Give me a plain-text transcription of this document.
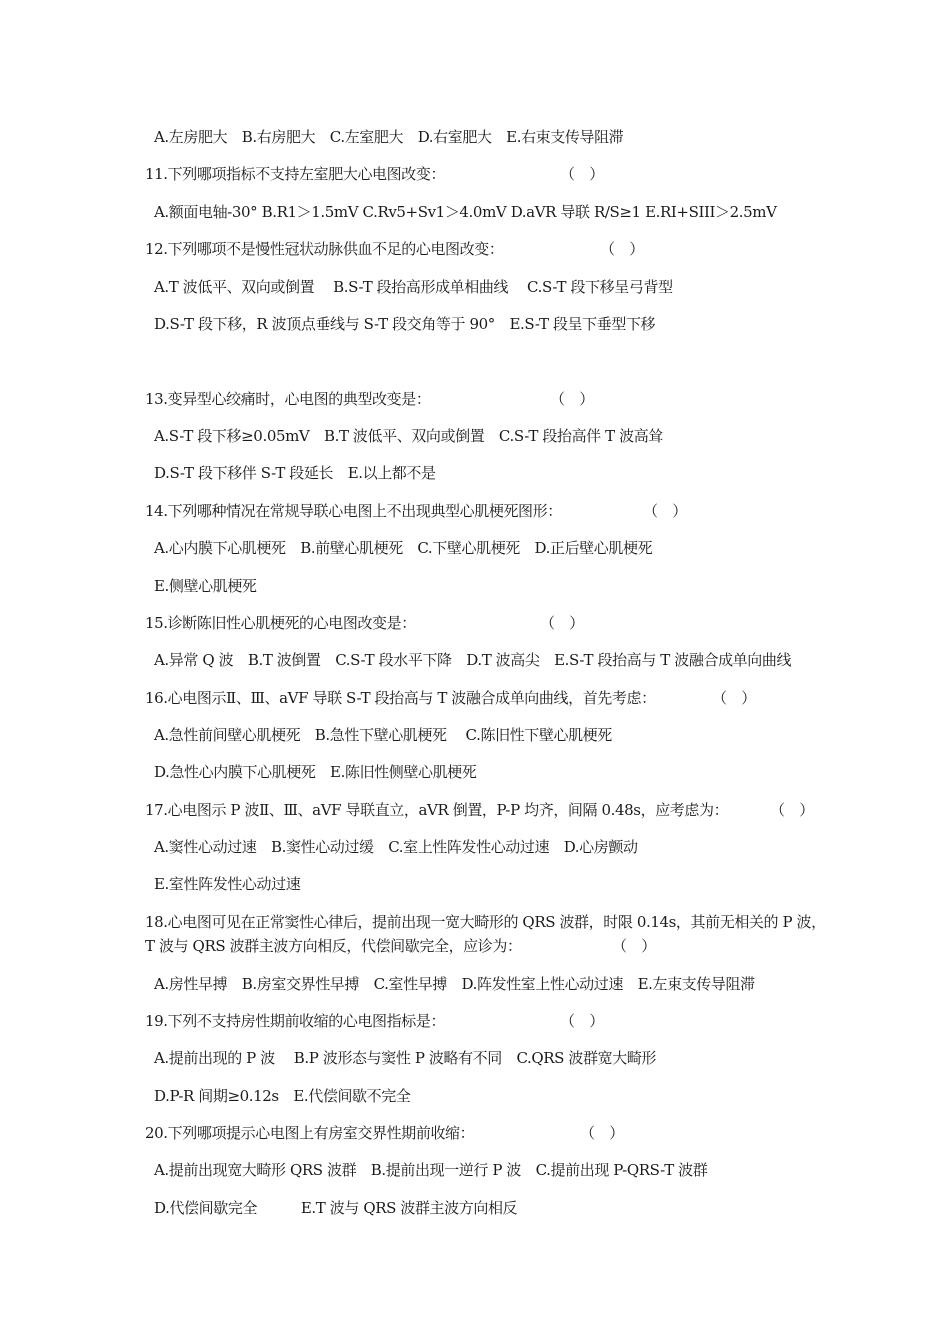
A.左房肥大　B.右房肥大　C.左室肥大　D.右室肥大　E.右束支传导阻滞
11.下列哪项指标不支持左室肥大心电图改变：	（　）
A.额面电轴-30° B.R1＞1.5mV C.Rv5+Sv1＞4.0mV D.aVR 导联 R/S≥1 E.RI+SIII＞2.5mV
12.下列哪项不是慢性冠状动脉供血不足的心电图改变：	（　）
A.T 波低平、双向或倒置　 B.S-T 段抬高形成单相曲线　 C.S-T 段下移呈弓背型
D.S-T 段下移，R 波顶点垂线与 S-T 段交角等于 90°　E.S-T 段呈下垂型下移
13.变异型心绞痛时，心电图的典型改变是：	（　）
A.S-T 段下移≥0.05mV　B.T 波低平、双向或倒置　C.S-T 段抬高伴 T 波高耸
D.S-T 段下移伴 S-T 段延长　E.以上都不是
14.下列哪种情况在常规导联心电图上不出现典型心肌梗死图形：	（　）
A.心内膜下心肌梗死　B.前壁心肌梗死　C.下壁心肌梗死　D.正后壁心肌梗死
E.侧壁心肌梗死
15.诊断陈旧性心肌梗死的心电图改变是：	（　）
A.异常 Q 波　B.T 波倒置　C.S-T 段水平下降　D.T 波高尖　E.S-T 段抬高与 T 波融合成单向曲线
16.心电图示Ⅱ、Ⅲ、aVF 导联 S-T 段抬高与 T 波融合成单向曲线，首先考虑：	（　）
A.急性前间壁心肌梗死　B.急性下壁心肌梗死　 C.陈旧性下壁心肌梗死
D.急性心内膜下心肌梗死　E.陈旧性侧壁心肌梗死
17.心电图示 P 波Ⅱ、Ⅲ、aVF 导联直立，aVR 倒置，P-P 均齐，间隔 0.48s，应考虑为：	（　）
A.窦性心动过速　B.窦性心动过缓　C.室上性阵发性心动过速　D.心房颤动
E.室性阵发性心动过速
18.心电图可见在正常窦性心律后，提前出现一宽大畸形的 QRS 波群，时限 0.14s，其前无相关的 P 波，
T 波与 QRS 波群主波方向相反，代偿间歇完全，应诊为：	（　）
A.房性早搏　B.房室交界性早搏　C.室性早搏　D.阵发性室上性心动过速　E.左束支传导阻滞
19.下列不支持房性期前收缩的心电图指标是：	（　）
A.提前出现的 P 波　 B.P 波形态与窦性 P 波略有不同　C.QRS 波群宽大畸形
D.P-R 间期≥0.12s　E.代偿间歇不完全
20.下列哪项提示心电图上有房室交界性期前收缩：	（　）
A.提前出现宽大畸形 QRS 波群　B.提前出现一逆行 P 波　C.提前出现 P-QRS-T 波群
D.代偿间歇完全　　　E.T 波与 QRS 波群主波方向相反
